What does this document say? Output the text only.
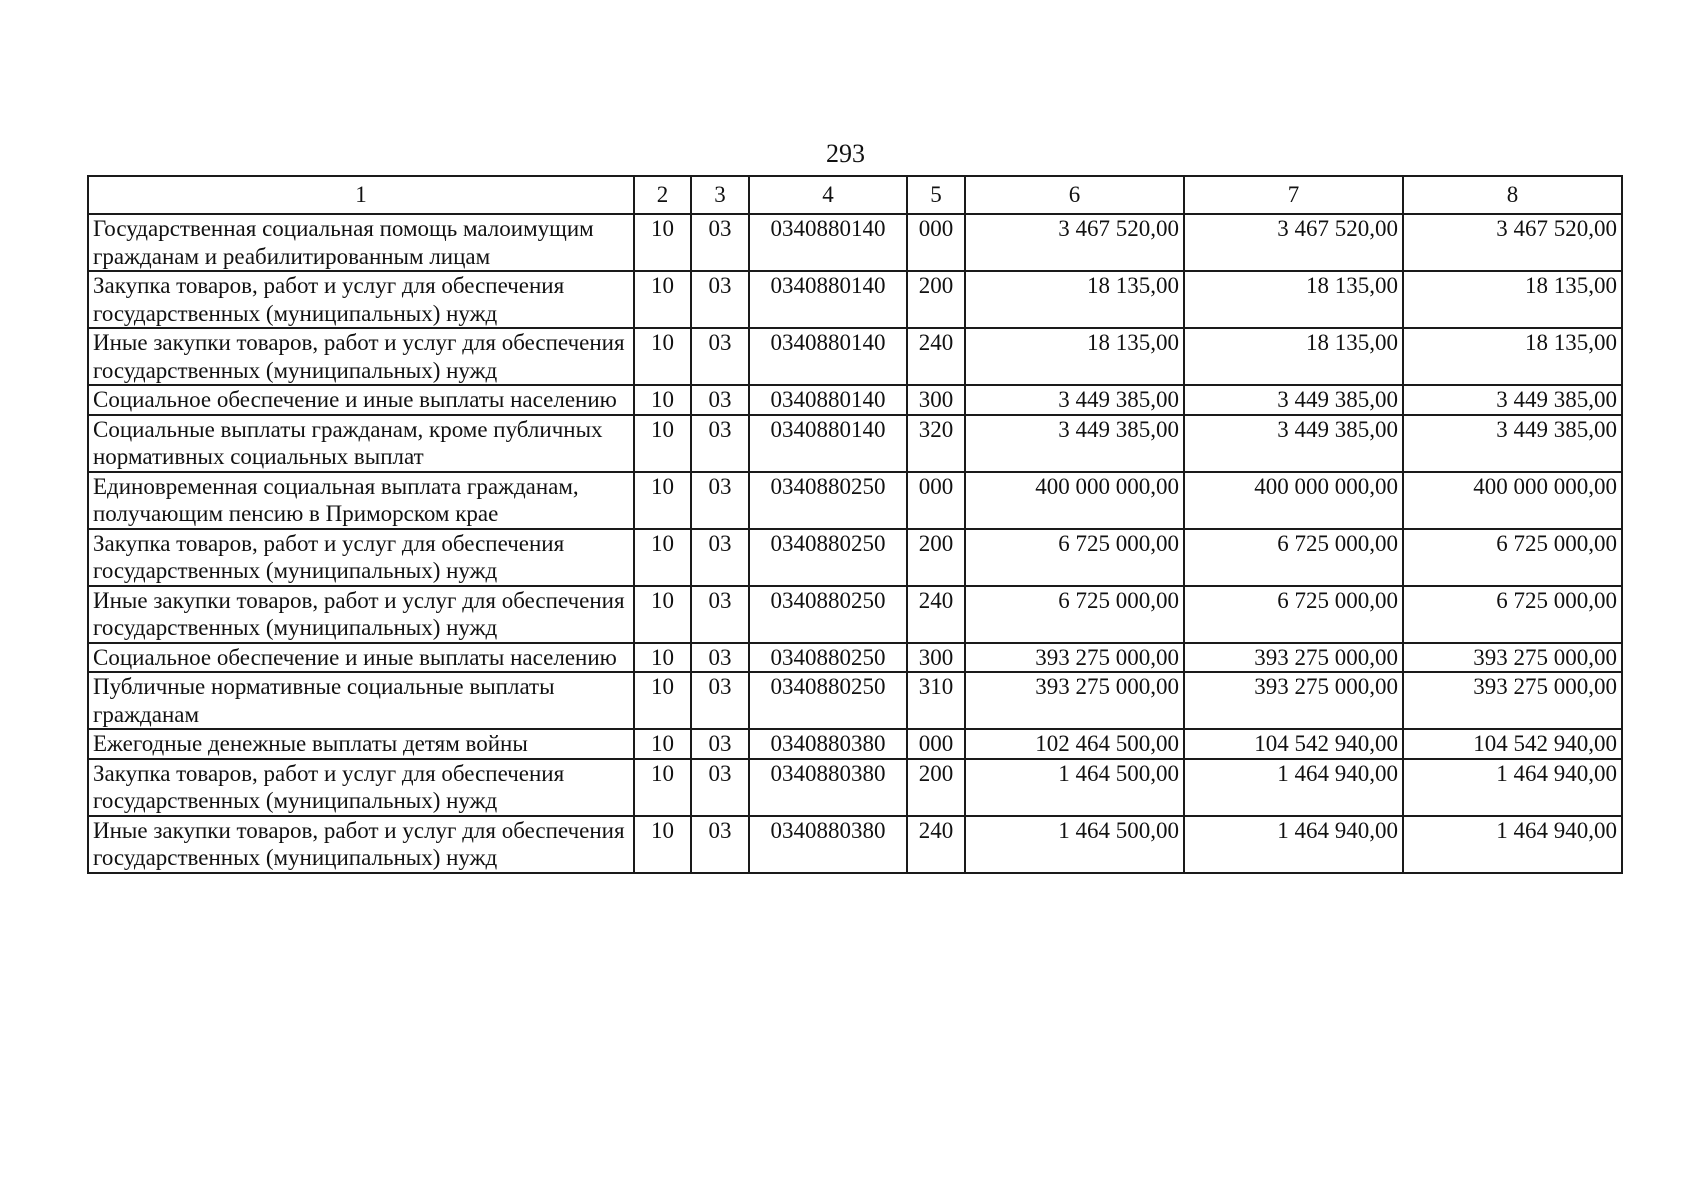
293
1	2	3	4	5	6	7	8
Государственная социальная помощь малоимущим гражданам и реабилитированным лицам	10	03	0340880140	000	3 467 520,00	3 467 520,00	3 467 520,00
Закупка товаров, работ и услуг для обеспечения государственных (муниципальных) нужд	10	03	0340880140	200	18 135,00	18 135,00	18 135,00
Иные закупки товаров, работ и услуг для обеспечения государственных (муниципальных) нужд	10	03	0340880140	240	18 135,00	18 135,00	18 135,00
Социальное обеспечение и иные выплаты населению	10	03	0340880140	300	3 449 385,00	3 449 385,00	3 449 385,00
Социальные выплаты гражданам, кроме публичных нормативных социальных выплат	10	03	0340880140	320	3 449 385,00	3 449 385,00	3 449 385,00
Единовременная социальная выплата гражданам, получающим пенсию в Приморском крае	10	03	0340880250	000	400 000 000,00	400 000 000,00	400 000 000,00
Закупка товаров, работ и услуг для обеспечения государственных (муниципальных) нужд	10	03	0340880250	200	6 725 000,00	6 725 000,00	6 725 000,00
Иные закупки товаров, работ и услуг для обеспечения государственных (муниципальных) нужд	10	03	0340880250	240	6 725 000,00	6 725 000,00	6 725 000,00
Социальное обеспечение и иные выплаты населению	10	03	0340880250	300	393 275 000,00	393 275 000,00	393 275 000,00
Публичные нормативные социальные выплаты гражданам	10	03	0340880250	310	393 275 000,00	393 275 000,00	393 275 000,00
Ежегодные денежные выплаты детям войны	10	03	0340880380	000	102 464 500,00	104 542 940,00	104 542 940,00
Закупка товаров, работ и услуг для обеспечения государственных (муниципальных) нужд	10	03	0340880380	200	1 464 500,00	1 464 940,00	1 464 940,00
Иные закупки товаров, работ и услуг для обеспечения государственных (муниципальных) нужд	10	03	0340880380	240	1 464 500,00	1 464 940,00	1 464 940,00
